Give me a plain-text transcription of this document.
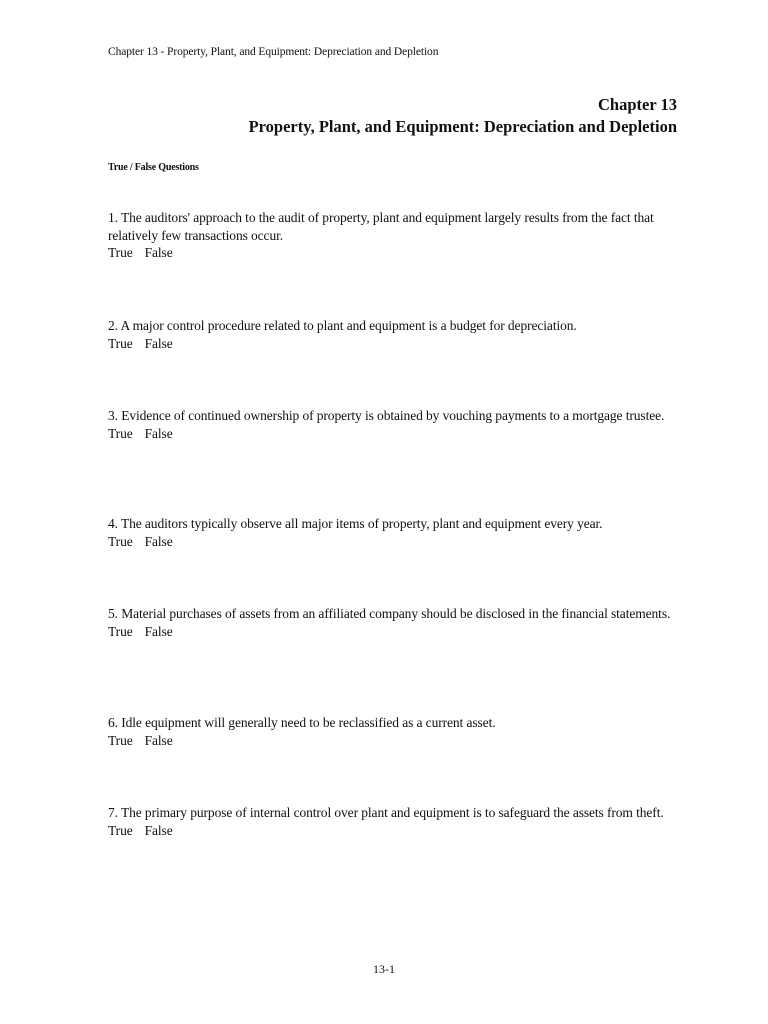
Chapter 13 - Property, Plant, and Equipment: Depreciation and Depletion
Chapter 13
Property, Plant, and Equipment: Depreciation and Depletion
True / False Questions
1. The auditors' approach to the audit of property, plant and equipment largely results from the fact that relatively few transactions occur.
True False
2. A major control procedure related to plant and equipment is a budget for depreciation.
True False
3. Evidence of continued ownership of property is obtained by vouching payments to a mortgage trustee.
True False
4. The auditors typically observe all major items of property, plant and equipment every year.
True False
5. Material purchases of assets from an affiliated company should be disclosed in the financial statements.
True False
6. Idle equipment will generally need to be reclassified as a current asset.
True False
7. The primary purpose of internal control over plant and equipment is to safeguard the assets from theft.
True False
13-1
